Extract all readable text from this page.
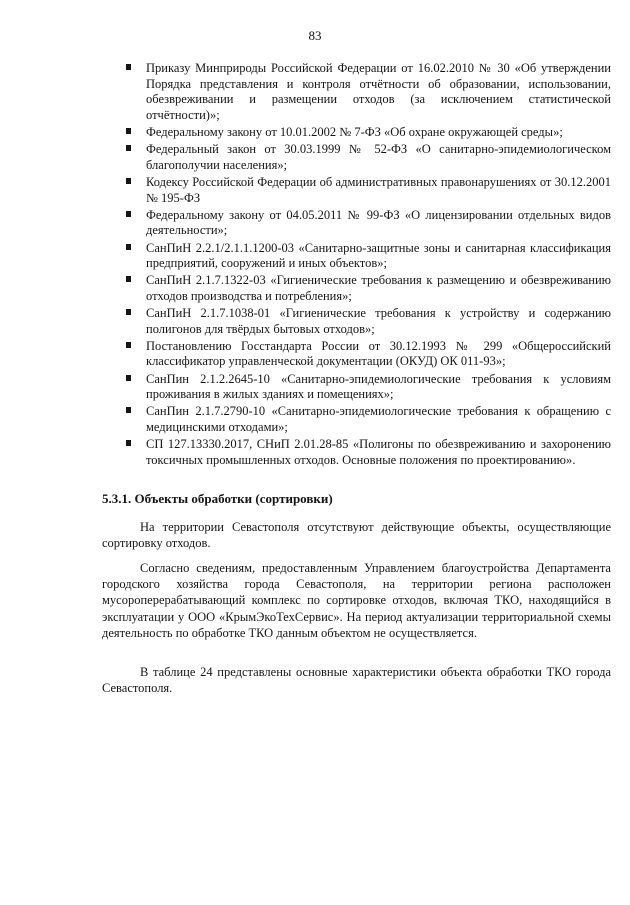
83
Приказу Минприроды Российской Федерации от 16.02.2010 № 30 «Об утверждении Порядка представления и контроля отчётности об образовании, использовании, обезвреживании и размещении отходов (за исключением статистической отчётности)»;
Федеральному закону от 10.01.2002 № 7-ФЗ «Об охране окружающей среды»;
Федеральный закон от 30.03.1999 № 52-ФЗ «О санитарно-эпидемиологическом благополучии населения»;
Кодексу Российской Федерации об административных правонарушениях от 30.12.2001 № 195-ФЗ
Федеральному закону от 04.05.2011 № 99-ФЗ «О лицензировании отдельных видов деятельности»;
СанПиН 2.2.1/2.1.1.1200-03 «Санитарно-защитные зоны и санитарная классификация предприятий, сооружений и иных объектов»;
СанПиН 2.1.7.1322-03 «Гигиенические требования к размещению и обезвреживанию отходов производства и потребления»;
СанПиН 2.1.7.1038-01 «Гигиенические требования к устройству и содержанию полигонов для твёрдых бытовых отходов»;
Постановлению Госстандарта России от 30.12.1993 № 299 «Общероссийский классификатор управленческой документации (ОКУД) ОК 011-93»;
СанПин 2.1.2.2645-10 «Санитарно-эпидемиологические требования к условиям проживания в жилых зданиях и помещениях»;
СанПин 2.1.7.2790-10 «Санитарно-эпидемиологические требования к обращению с медицинскими отходами»;
СП 127.13330.2017, СНиП 2.01.28-85 «Полигоны по обезвреживанию и захоронению токсичных промышленных отходов. Основные положения по проектированию».
5.3.1. Объекты обработки (сортировки)

На территории Севастополя отсутствуют действующие объекты, осуществляющие сортировку отходов.

Согласно сведениям, предоставленным Управлением благоустройства Департамента городского хозяйства города Севастополя, на территории региона расположен мусороперерабатывающий комплекс по сортировке отходов, включая ТКО, находящийся в эксплуатации у ООО «КрымЭкоТехСервис». На период актуализации территориальной схемы деятельность по обработке ТКО данным объектом не осуществляется.

В таблице 24 представлены основные характеристики объекта обработки ТКО города Севастополя.
